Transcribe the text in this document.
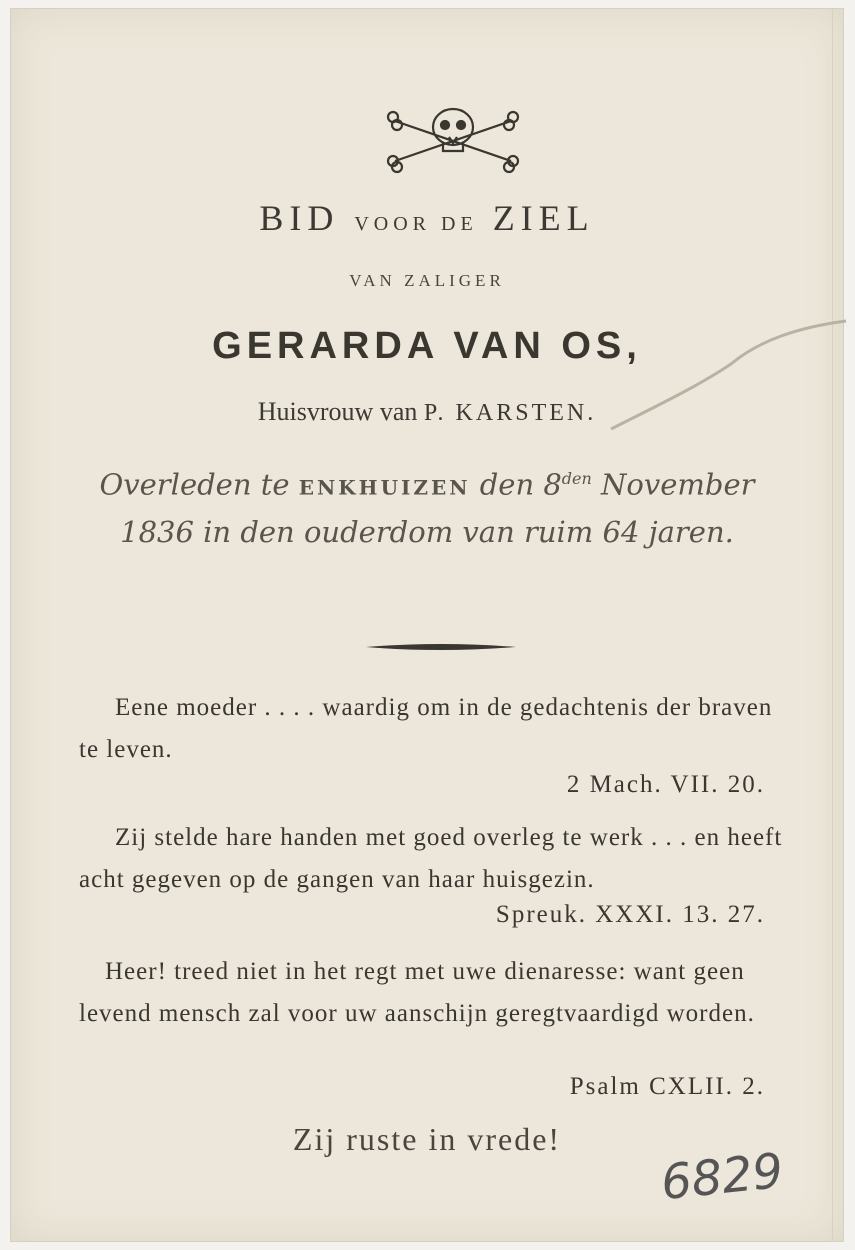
BID VOOR DE ZIEL
VAN ZALIGER
GERARDA VAN OS,
Huisvrouw van P. KARSTEN.
Overleden te ENKHUIZEN den $8^{den}$ November 1836 in den ouderdom van ruim 64 jaren.
Eene moeder . . . . waardig om in de gedachtenis der braven te leven.
2 Mach. VII. 20.
Zij stelde hare handen met goed overleg te werk . . . en heeft acht gegeven op de gangen van haar huisgezin.
Spreuk. XXXI. 13. 27.
Heer! treed niet in het regt met uwe dienaresse: want geen levend mensch zal voor uw aanschijn geregtvaardigd worden.
Psalm CXLII. 2.
Zij ruste in vrede!
6829
